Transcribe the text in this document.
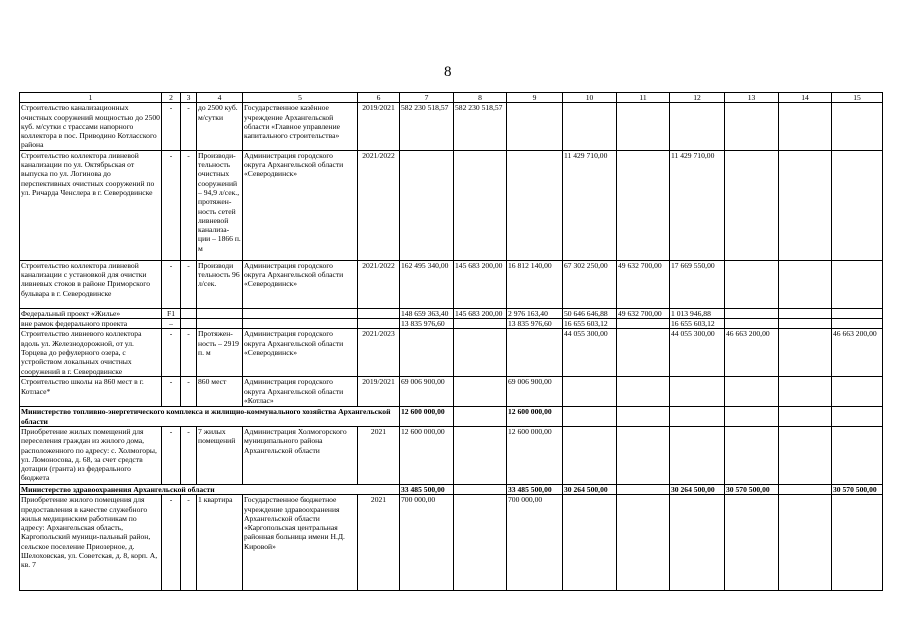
8
1	2	3	4	5	6	7	8	9	10	11	12	13	14	15
Строительство канализационных очистных сооружений мощностью до 2500 куб. м/сутки с трассами напорного коллектора в пос. Приводино Котласского района	-	-	до 2500 куб. м/сутки	Государственное казённое учреждение Архангельской области «Главное управление капитального строительства»	2019/2021	582 230 518,57	582 230 518,57							
Строительство коллектора ливневой канализации по ул. Октябрьская от выпуска по ул. Логинова до перспективных очистных сооружений по ул. Ричарда Ченслера в г. Северодвинске	-	-	Производи-тельность очистных сооружений – 94,9 л/сек., протяжен-ность сетей ливневой канализа-ции – 1866 п. м	Администрация городского округа Архангельской области «Северодвинск»	2021/2022				11 429 710,00		11 429 710,00			
Строительство коллектора ливневой канализации с установкой для очистки ливневых стоков в районе Приморского бульвара в г. Северодвинске	-	-	Производи тельность 96 л/сек.	Администрация городского округа Архангельской области «Северодвинск»	2021/2022	162 495 340,00	145 683 200,00	16 812 140,00	67 302 250,00	49 632 700,00	17 669 550,00			
Федеральный проект «Жилье»	F1					148 659 363,40	145 683 200,00	2 976 163,40	50 646 646,88	49 632 700,00	1 013 946,88			
вне рамок федерального проекта	–					13 835 976,60		13 835 976,60	16 655 603,12		16 655 603,12			
Строительство ливневого коллектора вдоль ул. Железнодорожной, от ул. Торцева до рефулерного озера, с устройством локальных очистных сооружений в г. Северодвинске	-	-	Протяжен-ность – 2919 п. м	Администрация городского округа Архангельской области «Северодвинск»	2021/2023				44 055 300,00		44 055 300,00	46 663 200,00		46 663 200,00
Строительство школы на 860 мест в г. Котласе*	-	-	860 мест	Администрация городского округа Архангельской области «Котлас»	2019/2021	69 006 900,00		69 006 900,00						
Министерство топливно-энергетического комплекса и жилищно-коммунального хозяйства Архангельской области						12 600 000,00		12 600 000,00						
Приобретение жилых помещений для переселения граждан из жилого дома, расположенного по адресу: с. Холмогоры, ул. Ломоносова, д. 68, за счет средств дотации (гранта) из федерального бюджета	-	-	7 жилых помещений	Администрация Холмогорского муниципального района Архангельской области	2021	12 600 000,00		12 600 000,00						
Министерство здравоохранения Архангельской области						33 485 500,00		33 485 500,00	30 264 500,00		30 264 500,00	30 570 500,00		30 570 500,00
Приобретение жилого помещения для предоставления в качестве служебного жилья медицинским работникам по адресу: Архангельская область, Каргопольский муници-пальный район, сельское поселение Приозерное, д. Шелоховская, ул. Советская, д. 8, корп. А, кв. 7	-	-	1 квартира	Государственное бюджетное учреждение здравоохранения Архангельской области «Каргопольская центральная районная больница имени Н.Д. Кировой»	2021	700 000,00		700 000,00						
